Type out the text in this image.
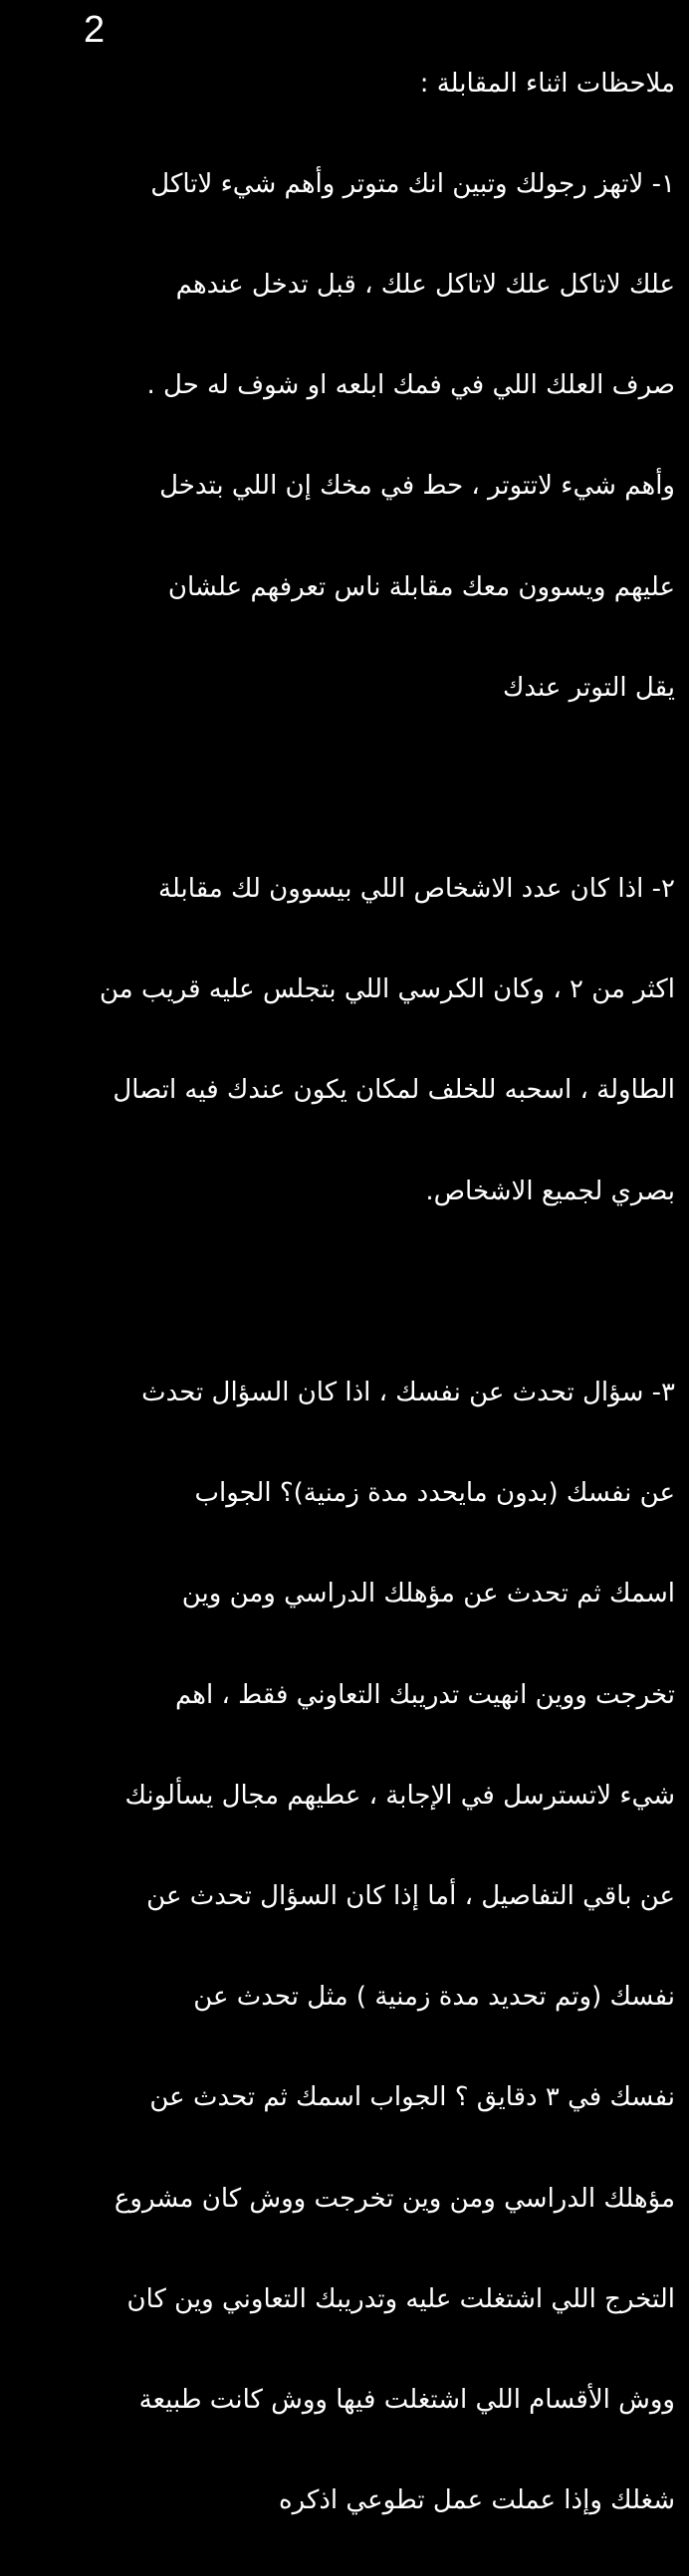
2

ملاحظات اثناء المقابلة :

١- لاتهز رجولك وتبين انك متوتر وأهم شيء لاتاكل

علك لاتاكل علك لاتاكل علك ، قبل تدخل عندهم

صرف العلك اللي في فمك ابلعه او شوف له حل .

وأهم شيء لاتتوتر ، حط في مخك إن اللي بتدخل

عليهم ويسوون معك مقابلة ناس تعرفهم علشان

يقل التوتر عندك

٢- اذا كان عدد الاشخاص اللي بيسوون لك مقابلة

اكثر من ٢ ، وكان الكرسي اللي بتجلس عليه قريب من

الطاولة ، اسحبه للخلف لمكان يكون عندك فيه اتصال

بصري لجميع الاشخاص.

٣- سؤال تحدث عن نفسك ، اذا كان السؤال تحدث

عن نفسك (بدون مايحدد مدة زمنية)؟ الجواب

اسمك ثم تحدث عن مؤهلك الدراسي ومن وين

تخرجت ووين انهيت تدريبك التعاوني فقط ، اهم

شيء لاتسترسل في الإجابة ، عطيهم مجال يسألونك

عن باقي التفاصيل ، أما إذا كان السؤال تحدث عن

نفسك (وتم تحديد مدة زمنية ) مثل تحدث عن

نفسك في ٣ دقايق ؟ الجواب اسمك ثم تحدث عن

مؤهلك الدراسي ومن وين تخرجت ووش كان مشروع

التخرج اللي اشتغلت عليه وتدريبك التعاوني وين كان

ووش الأقسام اللي اشتغلت فيها ووش كانت طبيعة

شغلك وإذا عملت عمل تطوعي اذكره
